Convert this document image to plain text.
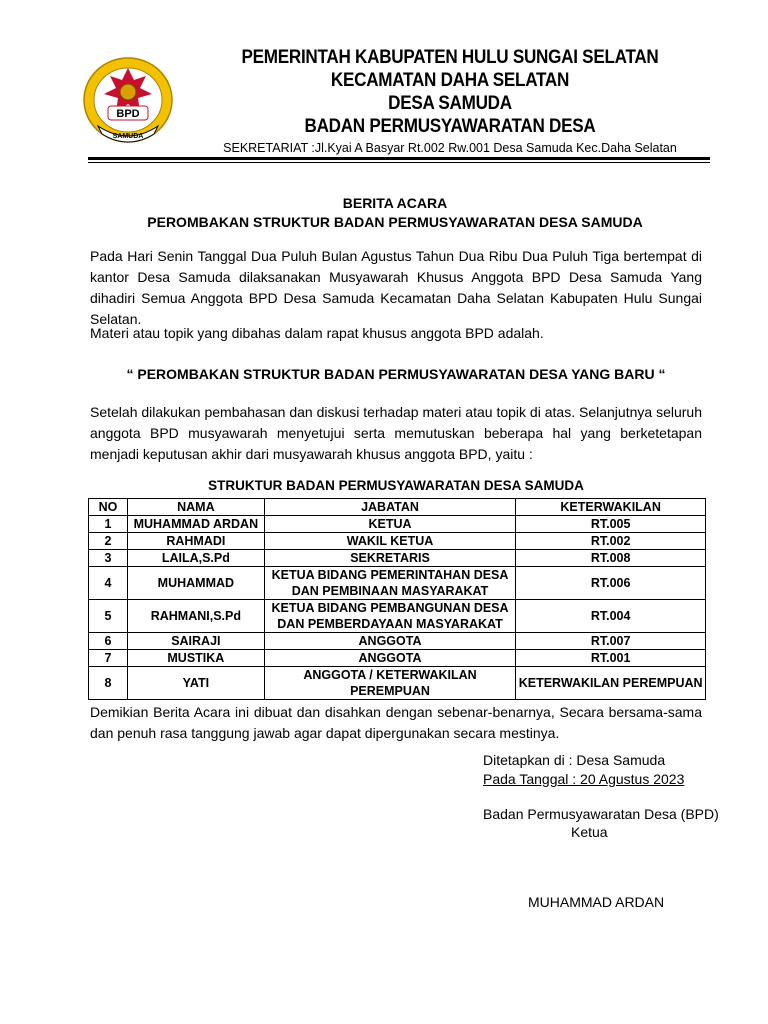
BPD
SAMUDA
PEMERINTAH KABUPATEN HULU SUNGAI SELATAN
KECAMATAN DAHA SELATAN
DESA SAMUDA
BADAN PERMUSYAWARATAN DESA
SEKRETARIAT :Jl.Kyai A Basyar Rt.002 Rw.001 Desa Samuda Kec.Daha Selatan
BERITA ACARA
PEROMBAKAN STRUKTUR BADAN PERMUSYAWARATAN DESA SAMUDA
Pada Hari Senin Tanggal Dua Puluh Bulan Agustus Tahun Dua Ribu Dua Puluh Tiga bertempat di kantor Desa Samuda dilaksanakan Musyawarah Khusus Anggota BPD Desa Samuda Yang dihadiri Semua Anggota BPD Desa Samuda Kecamatan Daha Selatan Kabupaten Hulu Sungai Selatan.
Materi atau topik yang dibahas dalam rapat khusus anggota BPD adalah.
“ PEROMBAKAN STRUKTUR BADAN PERMUSYAWARATAN DESA YANG BARU “
Setelah dilakukan pembahasan dan diskusi terhadap materi atau topik di atas. Selanjutnya seluruh anggota BPD musyawarah menyetujui serta memutuskan beberapa hal yang berketetapan menjadi keputusan akhir dari musyawarah khusus anggota BPD, yaitu :
STRUKTUR BADAN PERMUSYAWARATAN DESA SAMUDA
NO	NAMA	JABATAN	KETERWAKILAN
1	MUHAMMAD ARDAN	KETUA	RT.005
2	RAHMADI	WAKIL KETUA	RT.002
3	LAILA,S.Pd	SEKRETARIS	RT.008
4	MUHAMMAD	KETUA BIDANG PEMERINTAHAN DESA DAN PEMBINAAN MASYARAKAT	RT.006
5	RAHMANI,S.Pd	KETUA BIDANG PEMBANGUNAN DESA DAN PEMBERDAYAAN MASYARAKAT	RT.004
6	SAIRAJI	ANGGOTA	RT.007
7	MUSTIKA	ANGGOTA	RT.001
8	YATI	ANGGOTA / KETERWAKILAN PEREMPUAN	KETERWAKILAN PEREMPUAN
Demikian Berita Acara ini dibuat dan disahkan dengan sebenar-benarnya, Secara bersama-sama dan penuh rasa tanggung jawab agar dapat dipergunakan secara mestinya.
Ditetapkan di : Desa Samuda
Pada Tanggal : 20 Agustus 2023
Badan Permusyawaratan Desa (BPD)
Ketua
MUHAMMAD ARDAN
